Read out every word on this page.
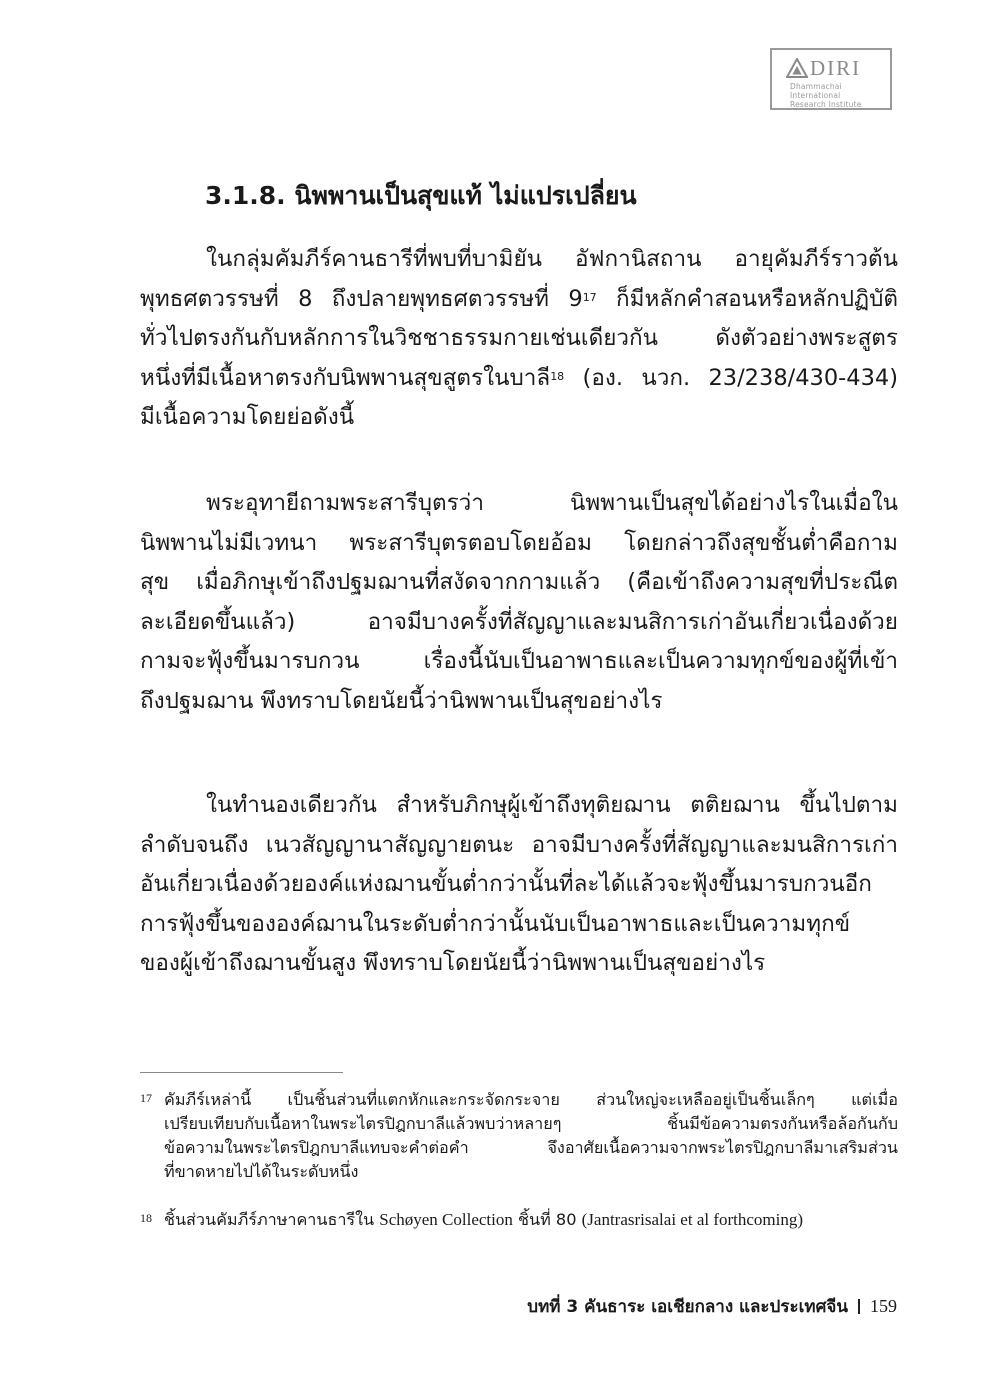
DIRI
Dhammachai International
Research Institute
3.1.8. นิพพานเป็นสุขแท้ ไม่แปรเปลี่ยน
ในกลุ่มคัมภีร์คานธารีที่พบที่บามิยัน อัฟกานิสถาน อายุคัมภีร์ราวต้น
พุทธศตวรรษที่ 8 ถึงปลายพุทธศตวรรษที่ $9^{17}$ ก็มีหลักคำสอนหรือหลักปฏิบัติ
ทั่วไปตรงกันกับหลักการในวิชชาธรรมกายเช่นเดียวกัน ดังตัวอย่างพระสูตร
หนึ่งที่มีเนื้อหาตรงกับนิพพานสุขสูตรในบาลี$^{18}$ (อง. นวก. 23/238/430-434)
มีเนื้อความโดยย่อดังนี้
พระอุทายีถามพระสารีบุตรว่า นิพพานเป็นสุขได้อย่างไรในเมื่อใน
นิพพานไม่มีเวทนา พระสารีบุตรตอบโดยอ้อม โดยกล่าวถึงสุขชั้นต่ำคือกาม
สุข เมื่อภิกษุเข้าถึงปฐมฌานที่สงัดจากกามแล้ว (คือเข้าถึงความสุขที่ประณีต
ละเอียดขึ้นแล้ว) อาจมีบางครั้งที่สัญญาและมนสิการเก่าอันเกี่ยวเนื่องด้วย
กามจะฟุ้งขึ้นมารบกวน เรื่องนี้นับเป็นอาพาธและเป็นความทุกข์ของผู้ที่เข้า
ถึงปฐมฌาน พึงทราบโดยนัยนี้ว่านิพพานเป็นสุขอย่างไร
ในทำนองเดียวกัน สำหรับภิกษุผู้เข้าถึงทุติยฌาน ตติยฌาน ขึ้นไปตาม
ลำดับจนถึง เนวสัญญานาสัญญายตนะ อาจมีบางครั้งที่สัญญาและมนสิการเก่า
อันเกี่ยวเนื่องด้วยองค์แห่งฌานขั้นต่ำกว่านั้นที่ละได้แล้วจะฟุ้งขึ้นมารบกวนอีก
การฟุ้งขึ้นขององค์ฌานในระดับต่ำกว่านั้นนับเป็นอาพาธและเป็นความทุกข์
ของผู้เข้าถึงฌานขั้นสูง พึงทราบโดยนัยนี้ว่านิพพานเป็นสุขอย่างไร
17 คัมภีร์เหล่านี้ เป็นชิ้นส่วนที่แตกหักและกระจัดกระจาย ส่วนใหญ่จะเหลืออยู่เป็นชิ้นเล็กๆ แต่เมื่อ
เปรียบเทียบกับเนื้อหาในพระไตรปิฎกบาลีแล้วพบว่าหลายๆ ชิ้นมีข้อความตรงกันหรือล้อกันกับ
ข้อความในพระไตรปิฎกบาลีแทบจะคำต่อคำ จึงอาศัยเนื้อความจากพระไตรปิฎกบาลีมาเสริมส่วน
ที่ขาดหายไปได้ในระดับหนึ่ง
18 ชิ้นส่วนคัมภีร์ภาษาคานธารีใน Schøyen Collection ชิ้นที่ 80 (Jantrasrisalai et al forthcoming)
บทที่ 3 คันธาระ เอเชียกลาง และประเทศจีน 159
